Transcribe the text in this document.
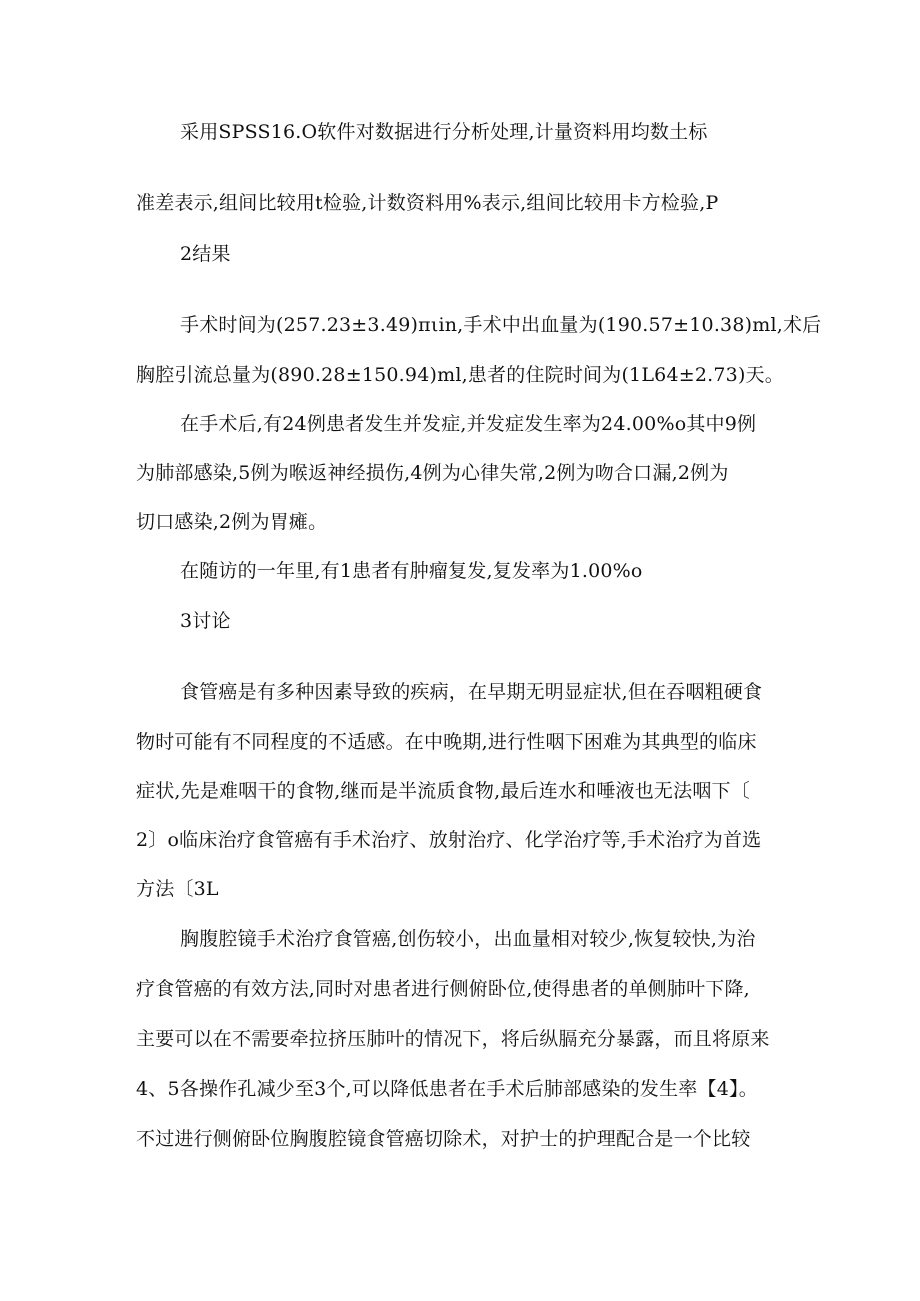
采用SPSS16.O软件对数据进行分析处理,计量资料用均数土标
准差表示,组间比较用t检验,计数资料用%表示,组间比较用卡方检验,P
2结果
手术时间为(257.23±3.49)πιin,手术中出血量为(190.57±10.38)ml,术后
胸腔引流总量为(890.28±150.94)ml,患者的住院时间为(1L64±2.73)天。
在手术后,有24例患者发生并发症,并发症发生率为24.00%o其中9例
为肺部感染,5例为喉返神经损伤,4例为心律失常,2例为吻合口漏,2例为
切口感染,2例为胃瘫。
在随访的一年里,有1患者有肿瘤复发,复发率为1.00%o
3讨论
食管癌是有多种因素导致的疾病，在早期无明显症状,但在吞咽粗硬食
物时可能有不同程度的不适感。在中晚期,进行性咽下困难为其典型的临床
症状,先是难咽干的食物,继而是半流质食物,最后连水和唾液也无法咽下〔
2〕o临床治疗食管癌有手术治疗、放射治疗、化学治疗等,手术治疗为首选
方法〔3L
胸腹腔镜手术治疗食管癌,创伤较小，出血量相对较少,恢复较快,为治
疗食管癌的有效方法,同时对患者进行侧俯卧位,使得患者的单侧肺叶下降,
主要可以在不需要牵拉挤压肺叶的情况下，将后纵膈充分暴露，而且将原来
4、5各操作孔减少至3个,可以降低患者在手术后肺部感染的发生率【4】。
不过进行侧俯卧位胸腹腔镜食管癌切除术，对护士的护理配合是一个比较
